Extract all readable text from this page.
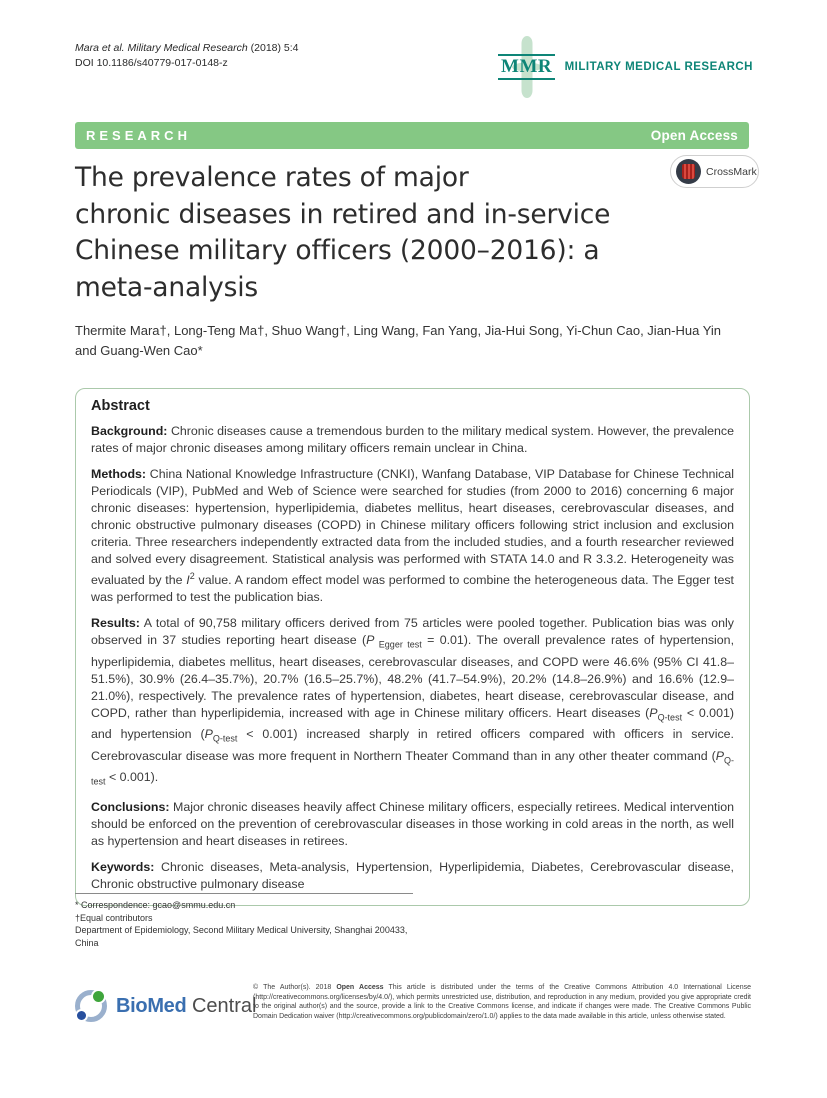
Mara et al. Military Medical Research (2018) 5:4
DOI 10.1186/s40779-017-0148-z	MMR MILITARY MEDICAL RESEARCH
RESEARCH	Open Access
CrossMark
The prevalence rates of major
chronic diseases in retired and in-service
Chinese military officers (2000–2016): a
meta-analysis
Thermite Mara†, Long-Teng Ma†, Shuo Wang†, Ling Wang, Fan Yang, Jia-Hui Song, Yi-Chun Cao, Jian-Hua Yin
and Guang-Wen Cao*
Abstract

Background: Chronic diseases cause a tremendous burden to the military medical system. However, the prevalence rates of major chronic diseases among military officers remain unclear in China.

Methods: China National Knowledge Infrastructure (CNKI), Wanfang Database, VIP Database for Chinese Technical Periodicals (VIP), PubMed and Web of Science were searched for studies (from 2000 to 2016) concerning 6 major chronic diseases: hypertension, hyperlipidemia, diabetes mellitus, heart diseases, cerebrovascular diseases, and chronic obstructive pulmonary diseases (COPD) in Chinese military officers following strict inclusion and exclusion criteria. Three researchers independently extracted data from the included studies, and a fourth researcher reviewed and solved every disagreement. Statistical analysis was performed with STATA 14.0 and R 3.3.2. Heterogeneity was evaluated by the $I^2$ value. A random effect model was performed to combine the heterogeneous data. The Egger test was performed to test the publication bias.

Results: A total of 90,758 military officers derived from 75 articles were pooled together. Publication bias was only observed in 37 studies reporting heart disease (P $_{Egger test}$ = 0.01). The overall prevalence rates of hypertension, hyperlipidemia, diabetes mellitus, heart diseases, cerebrovascular diseases, and COPD were 46.6% (95% CI 41.8–51.5%), 30.9% (26.4–35.7%), 20.7% (16.5–25.7%), 48.2% (41.7–54.9%), 20.2% (14.8–26.9%) and 16.6% (12.9–21.0%), respectively. The prevalence rates of hypertension, diabetes, heart disease, cerebrovascular disease, and COPD, rather than hyperlipidemia, increased with age in Chinese military officers. Heart diseases $(P_{Q-test} < 0.001)$ and hypertension $(P_{Q-test} < 0.001)$ increased sharply in retired officers compared with officers in service. Cerebrovascular disease was more frequent in Northern Theater Command than in any other theater command $(P_{Q-test} < 0.001)$.

Conclusions: Major chronic diseases heavily affect Chinese military officers, especially retirees. Medical intervention should be enforced on the prevention of cerebrovascular diseases in those working in cold areas in the north, as well as hypertension and heart diseases in retirees.

Keywords: Chronic diseases, Meta-analysis, Hypertension, Hyperlipidemia, Diabetes, Cerebrovascular disease, Chronic obstructive pulmonary disease

* Correspondence: gcao@smmu.edu.cn
†Equal contributors
Department of Epidemiology, Second Military Medical University, Shanghai 200433, China
BioMed Central
© The Author(s). 2018 Open Access This article is distributed under the terms of the Creative Commons Attribution 4.0 International License (http://creativecommons.org/licenses/by/4.0/), which permits unrestricted use, distribution, and reproduction in any medium, provided you give appropriate credit to the original author(s) and the source, provide a link to the Creative Commons license, and indicate if changes were made. The Creative Commons Public Domain Dedication waiver (http://creativecommons.org/publicdomain/zero/1.0/) applies to the data made available in this article, unless otherwise stated.
